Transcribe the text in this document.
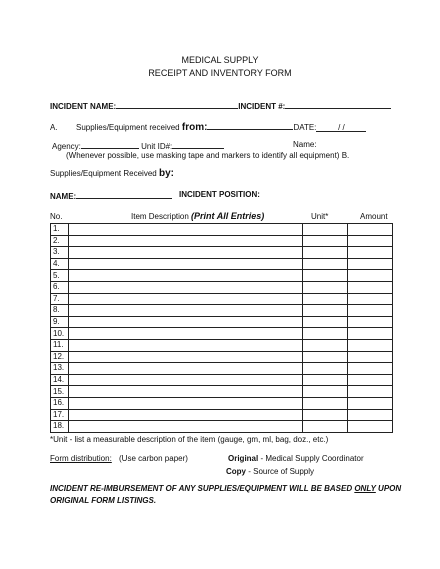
MEDICAL SUPPLY
RECEIPT AND INVENTORY FORM
INCIDENT NAME:	INCIDENT #:
A. Supplies/Equipment received from:	DATE:	/ /
Agency:	Unit ID#:	Name:
(Whenever possible, use masking tape and markers to identify all equipment) B.
Supplies/Equipment Received by:
NAME:	INCIDENT POSITION:
No.	Item Description (Print All Entries)	Unit*	Amount
1.			
2.			
3.			
4.			
5.			
6.			
7.			
8.			
9.			
10.			
11.			
12.			
13.			
14.			
15.			
16.			
17.			
18.			
*Unit - list a measurable description of the item (gauge, gm, ml, bag, doz., etc.)
Form distribution: (Use carbon paper)	Original - Medical Supply Coordinator
Copy - Source of Supply
INCIDENT RE-IMBURSEMENT OF ANY SUPPLIES/EQUIPMENT WILL BE BASED ONLY UPON
ORIGINAL FORM LISTINGS.
